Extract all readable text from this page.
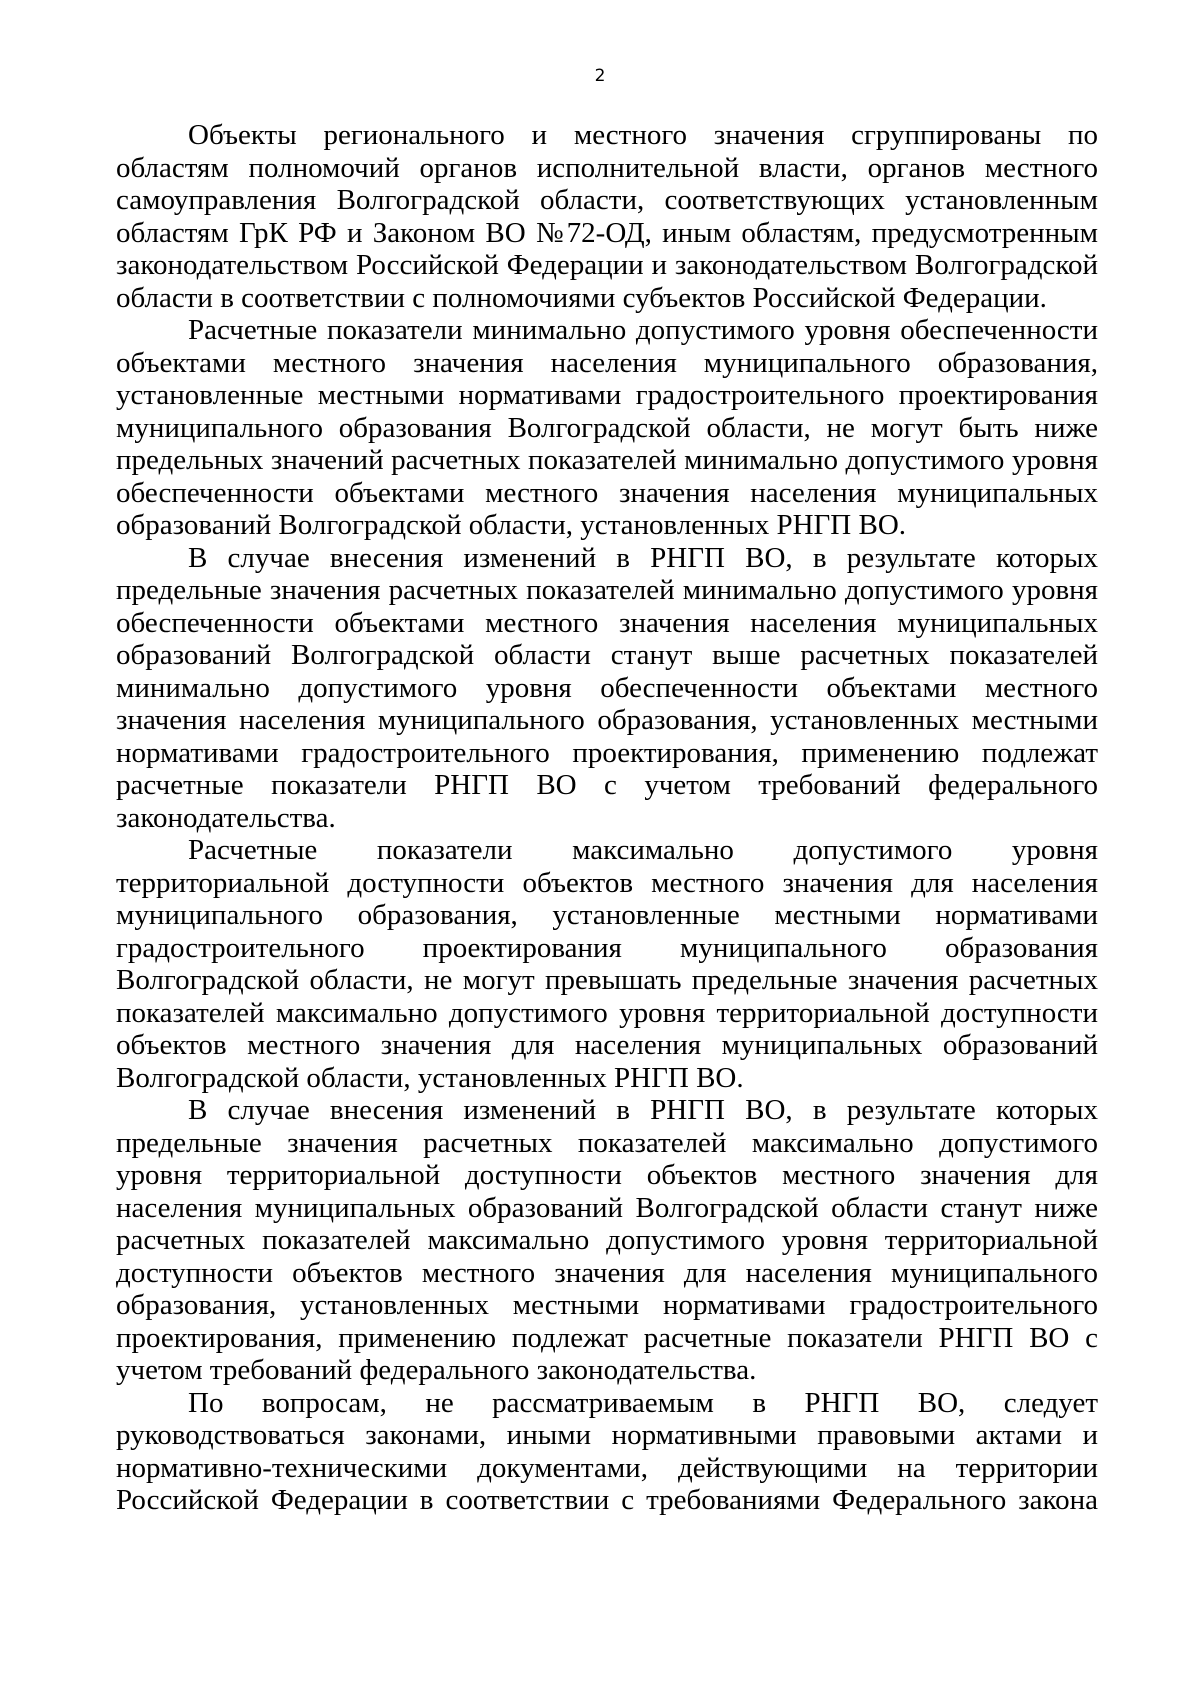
2

Объекты регионального и местного значения сгруппированы по областям полномочий органов исполнительной власти, органов местного самоуправления Волгоградской области, соответствующих установленным областям ГрК РФ и Законом ВО №72-ОД, иным областям, предусмотренным законодательством Российской Федерации и законодательством Волгоградской области в соответствии с полномочиями субъектов Российской Федерации.

Расчетные показатели минимально допустимого уровня обеспеченности объектами местного значения населения муниципального образования, установленные местными нормативами градостроительного проектирования муниципального образования Волгоградской области, не могут быть ниже предельных значений расчетных показателей минимально допустимого уровня обеспеченности объектами местного значения населения муниципальных образований Волгоградской области, установленных РНГП ВО.

В случае внесения изменений в РНГП ВО, в результате которых предельные значения расчетных показателей минимально допустимого уровня обеспеченности объектами местного значения населения муниципальных образований Волгоградской области станут выше расчетных показателей минимально допустимого уровня обеспеченности объектами местного значения населения муниципального образования, установленных местными нормативами градостроительного проектирования, применению подлежат расчетные показатели РНГП ВО с учетом требований федерального законодательства.

Расчетные показатели максимально допустимого уровня территориальной доступности объектов местного значения для населения муниципального образования, установленные местными нормативами градостроительного проектирования муниципального образования Волгоградской области, не могут превышать предельные значения расчетных показателей максимально допустимого уровня территориальной доступности объектов местного значения для населения муниципальных образований Волгоградской области, установленных РНГП ВО.

В случае внесения изменений в РНГП ВО, в результате которых предельные значения расчетных показателей максимально допустимого уровня территориальной доступности объектов местного значения для населения муниципальных образований Волгоградской области станут ниже расчетных показателей максимально допустимого уровня территориальной доступности объектов местного значения для населения муниципального образования, установленных местными нормативами градостроительного проектирования, применению подлежат расчетные показатели РНГП ВО с учетом требований федерального законодательства.

По вопросам, не рассматриваемым в РНГП ВО, следует руководствоваться законами, иными нормативными правовыми актами и нормативно-техническими документами, действующими на территории Российской Федерации в соответствии с требованиями Федерального закона
